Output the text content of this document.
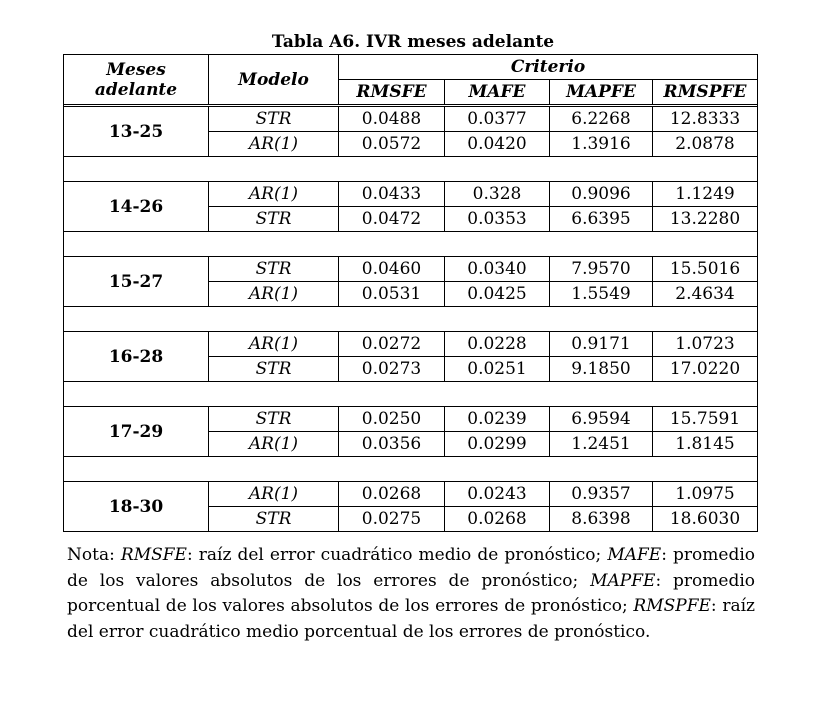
Tabla A6. IVR meses adelante
Meses
adelante	Modelo	Criterio			
		RMSFE	MAFE	MAPFE	RMSPFE

13-25	STR	0.0488	0.0377	6.2268	12.8333
	AR(1)	0.0572	0.0420	1.3916	2.0878

14-26	AR(1)	0.0433	0.328	0.9096	1.1249
	STR	0.0472	0.0353	6.6395	13.2280

15-27	STR	0.0460	0.0340	7.9570	15.5016
	AR(1)	0.0531	0.0425	1.5549	2.4634

16-28	AR(1)	0.0272	0.0228	0.9171	1.0723
	STR	0.0273	0.0251	9.1850	17.0220

17-29	STR	0.0250	0.0239	6.9594	15.7591
	AR(1)	0.0356	0.0299	1.2451	1.8145

18-30	AR(1)	0.0268	0.0243	0.9357	1.0975
	STR	0.0275	0.0268	8.6398	18.6030
Nota: RMSFE: raíz del error cuadrático medio de pronóstico; MAFE: promedio de los valores absolutos de los errores de pronóstico; MAPFE: promedio porcentual de los valores absolutos de los errores de pronóstico; RMSPFE: raíz del error cuadrático medio porcentual de los errores de pronóstico.
